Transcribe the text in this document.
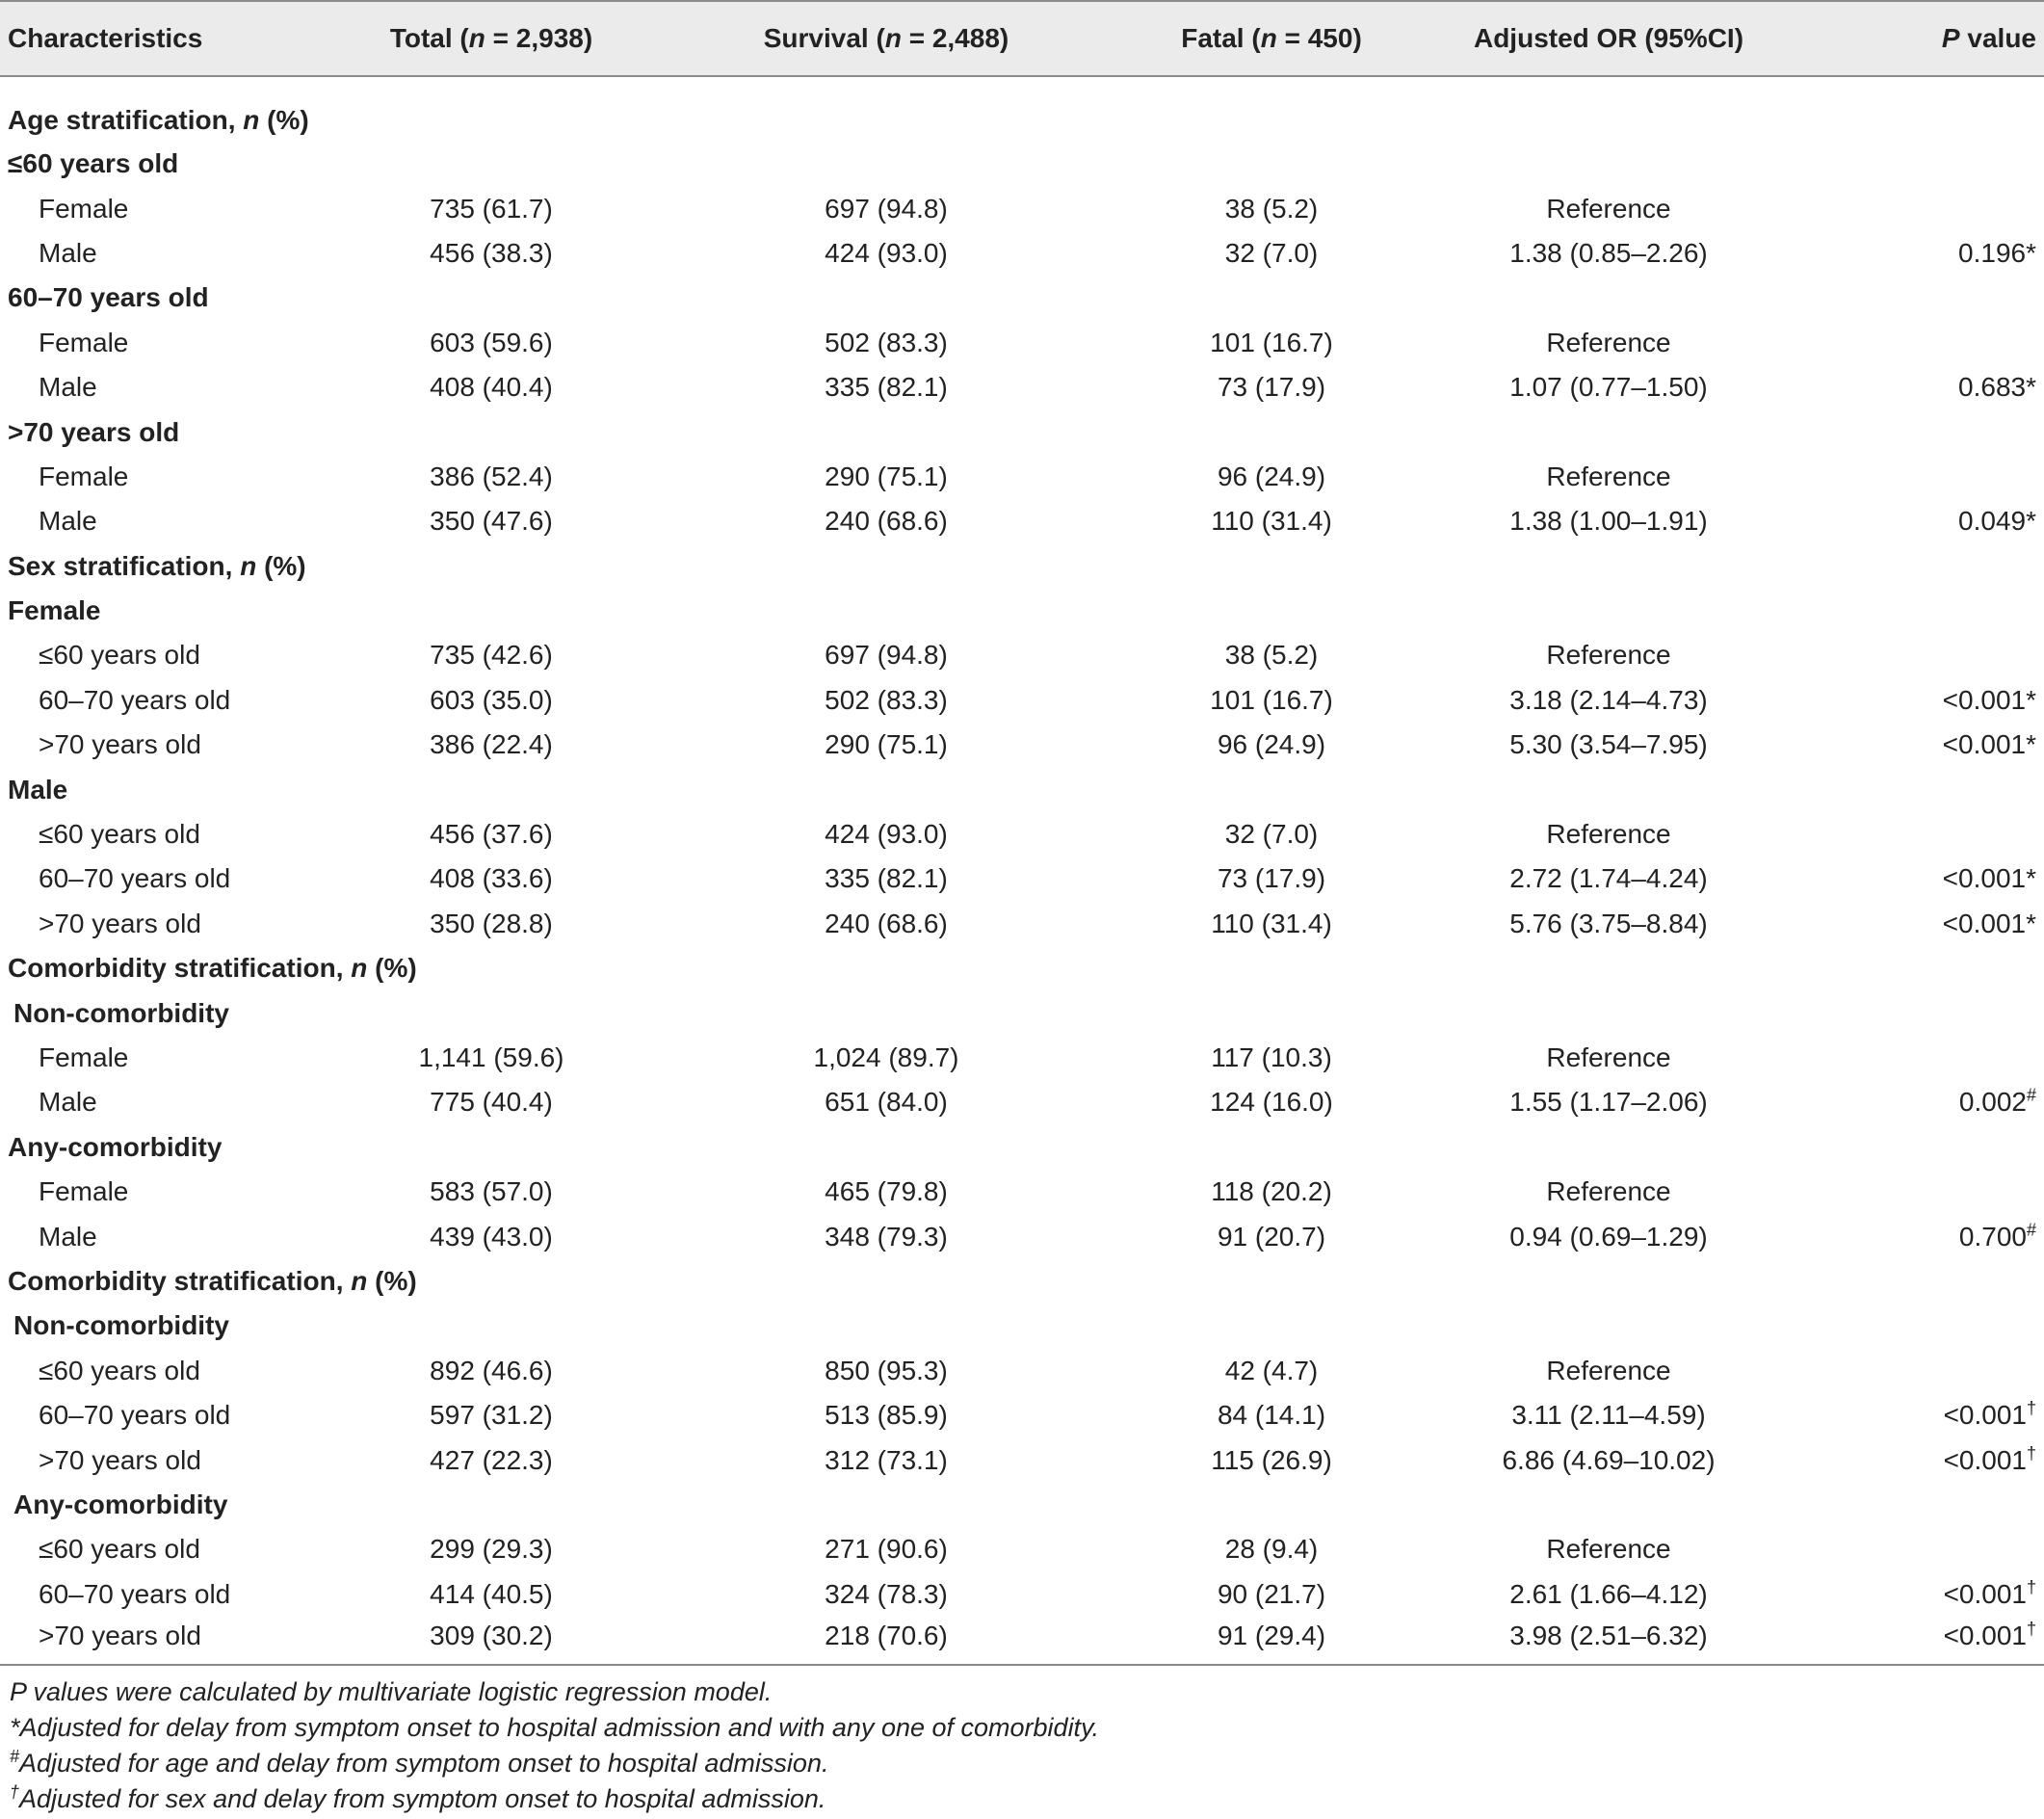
Characteristics	Total (n = 2,938)	Survival (n = 2,488)	Fatal (n = 450)	Adjusted OR (95%CI)	P value
Age stratification, n (%)					
≤60 years old					
Female	735 (61.7)	697 (94.8)	38 (5.2)	Reference	
Male	456 (38.3)	424 (93.0)	32 (7.0)	1.38 (0.85–2.26)	0.196*
60–70 years old					
Female	603 (59.6)	502 (83.3)	101 (16.7)	Reference	
Male	408 (40.4)	335 (82.1)	73 (17.9)	1.07 (0.77–1.50)	0.683*
>70 years old					
Female	386 (52.4)	290 (75.1)	96 (24.9)	Reference	
Male	350 (47.6)	240 (68.6)	110 (31.4)	1.38 (1.00–1.91)	0.049*
Sex stratification, n (%)					
Female					
≤60 years old	735 (42.6)	697 (94.8)	38 (5.2)	Reference	
60–70 years old	603 (35.0)	502 (83.3)	101 (16.7)	3.18 (2.14–4.73)	<0.001*
>70 years old	386 (22.4)	290 (75.1)	96 (24.9)	5.30 (3.54–7.95)	<0.001*
Male					
≤60 years old	456 (37.6)	424 (93.0)	32 (7.0)	Reference	
60–70 years old	408 (33.6)	335 (82.1)	73 (17.9)	2.72 (1.74–4.24)	<0.001*
>70 years old	350 (28.8)	240 (68.6)	110 (31.4)	5.76 (3.75–8.84)	<0.001*
Comorbidity stratification, n (%)					
Non-comorbidity					
Female	1,141 (59.6)	1,024 (89.7)	117 (10.3)	Reference	
Male	775 (40.4)	651 (84.0)	124 (16.0)	1.55 (1.17–2.06)	0.002#
Any-comorbidity					
Female	583 (57.0)	465 (79.8)	118 (20.2)	Reference	
Male	439 (43.0)	348 (79.3)	91 (20.7)	0.94 (0.69–1.29)	0.700#
Comorbidity stratification, n (%)					
Non-comorbidity					
≤60 years old	892 (46.6)	850 (95.3)	42 (4.7)	Reference	
60–70 years old	597 (31.2)	513 (85.9)	84 (14.1)	3.11 (2.11–4.59)	<0.001†
>70 years old	427 (22.3)	312 (73.1)	115 (26.9)	6.86 (4.69–10.02)	<0.001†
Any-comorbidity					
≤60 years old	299 (29.3)	271 (90.6)	28 (9.4)	Reference	
60–70 years old	414 (40.5)	324 (78.3)	90 (21.7)	2.61 (1.66–4.12)	<0.001†
>70 years old	309 (30.2)	218 (70.6)	91 (29.4)	3.98 (2.51–6.32)	<0.001†
P values were calculated by multivariate logistic regression model.
*Adjusted for delay from symptom onset to hospital admission and with any one of comorbidity.
#Adjusted for age and delay from symptom onset to hospital admission.
†Adjusted for sex and delay from symptom onset to hospital admission.
